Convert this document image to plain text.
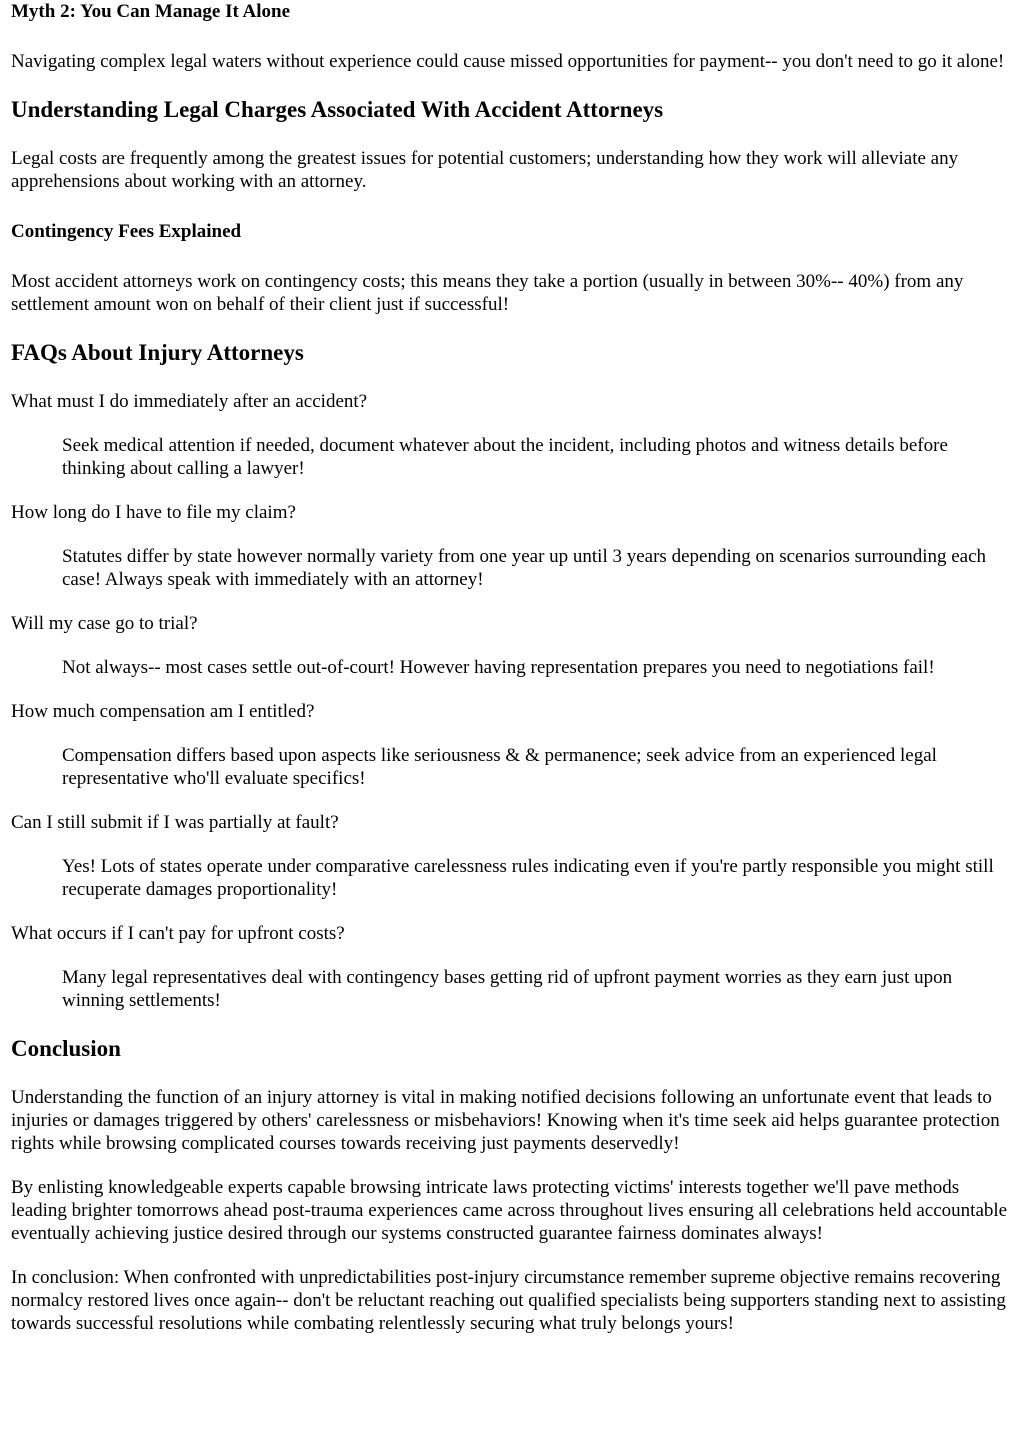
Myth 2: You Can Manage It Alone

Navigating complex legal waters without experience could cause missed opportunities for payment-- you don't need to go it alone!

Understanding Legal Charges Associated With Accident Attorneys

Legal costs are frequently among the greatest issues for potential customers; understanding how they work will alleviate any apprehensions about working with an attorney.

Contingency Fees Explained

Most accident attorneys work on contingency costs; this means they take a portion (usually in between 30%-- 40%) from any settlement amount won on behalf of their client just if successful!

FAQs About Injury Attorneys

What must I do immediately after an accident?

Seek medical attention if needed, document whatever about the incident, including photos and witness details before thinking about calling a lawyer!

How long do I have to file my claim?

Statutes differ by state however normally variety from one year up until 3 years depending on scenarios surrounding each case! Always speak with immediately with an attorney!

Will my case go to trial?

Not always-- most cases settle out-of-court! However having representation prepares you need to negotiations fail!

How much compensation am I entitled?

Compensation differs based upon aspects like seriousness & & permanence; seek advice from an experienced legal representative who'll evaluate specifics!

Can I still submit if I was partially at fault?

Yes! Lots of states operate under comparative carelessness rules indicating even if you're partly responsible you might still recuperate damages proportionality!

What occurs if I can't pay for upfront costs?

Many legal representatives deal with contingency bases getting rid of upfront payment worries as they earn just upon winning settlements!

Conclusion

Understanding the function of an injury attorney is vital in making notified decisions following an unfortunate event that leads to injuries or damages triggered by others' carelessness or misbehaviors! Knowing when it's time seek aid helps guarantee protection rights while browsing complicated courses towards receiving just payments deservedly!

By enlisting knowledgeable experts capable browsing intricate laws protecting victims' interests together we'll pave methods leading brighter tomorrows ahead post-trauma experiences came across throughout lives ensuring all celebrations held accountable eventually achieving justice desired through our systems constructed guarantee fairness dominates always!

In conclusion: When confronted with unpredictabilities post-injury circumstance remember supreme objective remains recovering normalcy restored lives once again-- don't be reluctant reaching out qualified specialists being supporters standing next to assisting towards successful resolutions while combating relentlessly securing what truly belongs yours!
